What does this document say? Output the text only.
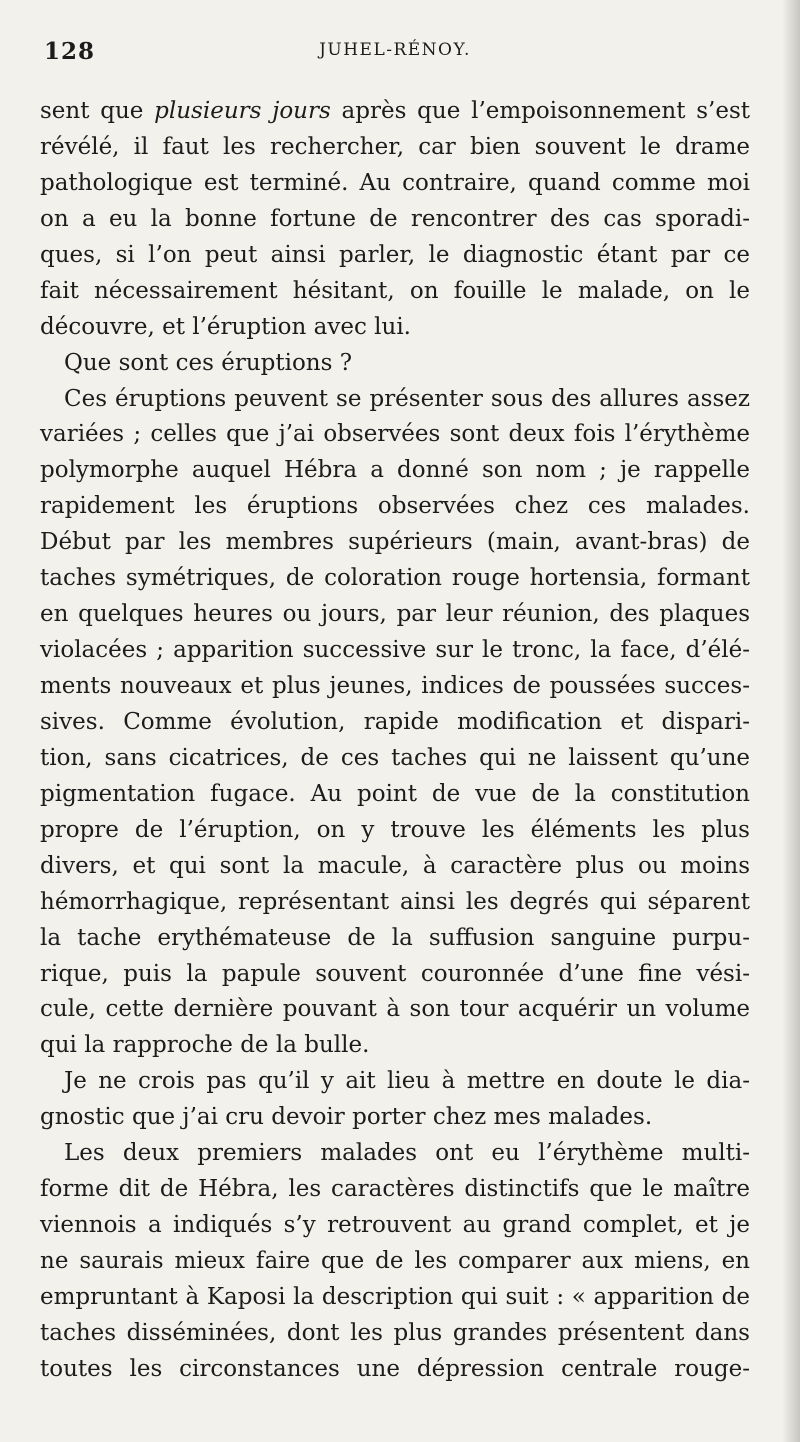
128	JUHEL-RÉNOY.
sent que plusieurs jours après que l’empoisonnement s’est
révélé, il faut les rechercher, car bien souvent le drame
pathologique est terminé. Au contraire, quand comme moi
on a eu la bonne fortune de rencontrer des cas sporadi-
ques, si l’on peut ainsi parler, le diagnostic étant par ce
fait nécessairement hésitant, on fouille le malade, on le
découvre, et l’éruption avec lui.
Que sont ces éruptions ?
Ces éruptions peuvent se présenter sous des allures assez
variées ; celles que j’ai observées sont deux fois l’érythème
polymorphe auquel Hébra a donné son nom ; je rappelle
rapidement les éruptions observées chez ces malades.
Début par les membres supérieurs (main, avant-bras) de
taches symétriques, de coloration rouge hortensia, formant
en quelques heures ou jours, par leur réunion, des plaques
violacées ; apparition successive sur le tronc, la face, d’élé-
ments nouveaux et plus jeunes, indices de poussées succes-
sives. Comme évolution, rapide modification et dispari-
tion, sans cicatrices, de ces taches qui ne laissent qu’une
pigmentation fugace. Au point de vue de la constitution
propre de l’éruption, on y trouve les éléments les plus
divers, et qui sont la macule, à caractère plus ou moins
hémorrhagique, représentant ainsi les degrés qui séparent
la tache erythémateuse de la suffusion sanguine purpu-
rique, puis la papule souvent couronnée d’une fine vési-
cule, cette dernière pouvant à son tour acquérir un volume
qui la rapproche de la bulle.
Je ne crois pas qu’il y ait lieu à mettre en doute le dia-
gnostic que j’ai cru devoir porter chez mes malades.
Les deux premiers malades ont eu l’érythème multi-
forme dit de Hébra, les caractères distinctifs que le maître
viennois a indiqués s’y retrouvent au grand complet, et je
ne saurais mieux faire que de les comparer aux miens, en
empruntant à Kaposi la description qui suit : « apparition de
taches disséminées, dont les plus grandes présentent dans
toutes les circonstances une dépression centrale rouge-
